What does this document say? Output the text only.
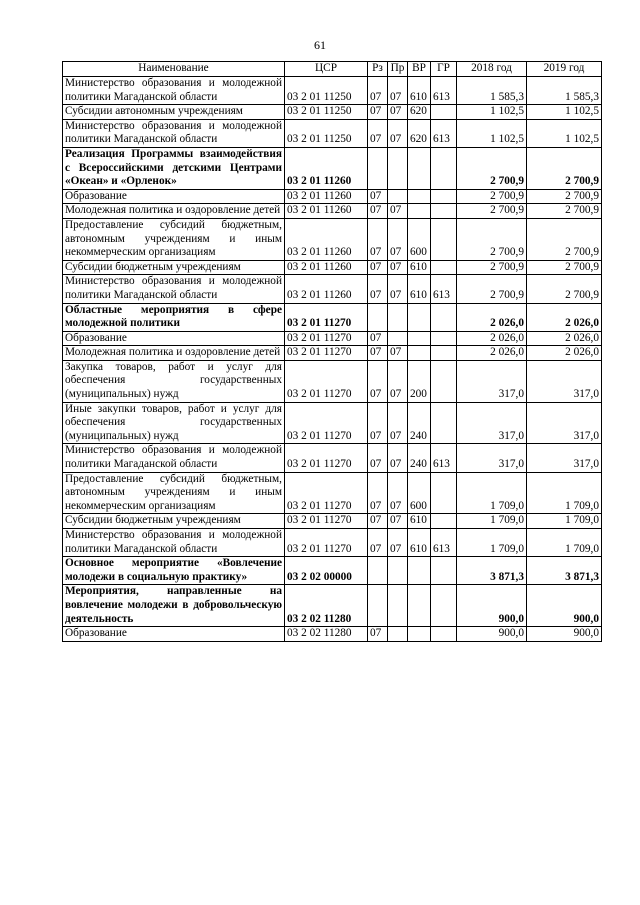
61
Наименование	ЦСР	Рз	Пр	ВР	ГР	2018 год	2019 год
Министерство образования и молодежной политики Магаданской области	03 2 01 11250	07	07	610	613	1 585,3	1 585,3
Субсидии автономным учреждениям	03 2 01 11250	07	07	620		1 102,5	1 102,5
Министерство образования и молодежной политики Магаданской области	03 2 01 11250	07	07	620	613	1 102,5	1 102,5
Реализация Программы взаимодействия с Всероссийскими детскими Центрами «Океан» и «Орленок»	03 2 01 11260					2 700,9	2 700,9
Образование	03 2 01 11260	07				2 700,9	2 700,9
Молодежная политика и оздоровление детей	03 2 01 11260	07	07			2 700,9	2 700,9
Предоставление субсидий бюджетным, автономным учреждениям и иным некоммерческим организациям	03 2 01 11260	07	07	600		2 700,9	2 700,9
Субсидии бюджетным учреждениям	03 2 01 11260	07	07	610		2 700,9	2 700,9
Министерство образования и молодежной политики Магаданской области	03 2 01 11260	07	07	610	613	2 700,9	2 700,9
Областные мероприятия в сфере молодежной политики	03 2 01 11270					2 026,0	2 026,0
Образование	03 2 01 11270	07				2 026,0	2 026,0
Молодежная политика и оздоровление детей	03 2 01 11270	07	07			2 026,0	2 026,0
Закупка товаров, работ и услуг для обеспечения государственных (муниципальных) нужд	03 2 01 11270	07	07	200		317,0	317,0
Иные закупки товаров, работ и услуг для обеспечения государственных (муниципальных) нужд	03 2 01 11270	07	07	240		317,0	317,0
Министерство образования и молодежной политики Магаданской области	03 2 01 11270	07	07	240	613	317,0	317,0
Предоставление субсидий бюджетным, автономным учреждениям и иным некоммерческим организациям	03 2 01 11270	07	07	600		1 709,0	1 709,0
Субсидии бюджетным учреждениям	03 2 01 11270	07	07	610		1 709,0	1 709,0
Министерство образования и молодежной политики Магаданской области	03 2 01 11270	07	07	610	613	1 709,0	1 709,0
Основное мероприятие «Вовлечение молодежи в социальную практику»	03 2 02 00000					3 871,3	3 871,3
Мероприятия, направленные на вовлечение молодежи в добровольческую деятельность	03 2 02 11280					900,0	900,0
Образование	03 2 02 11280	07				900,0	900,0
